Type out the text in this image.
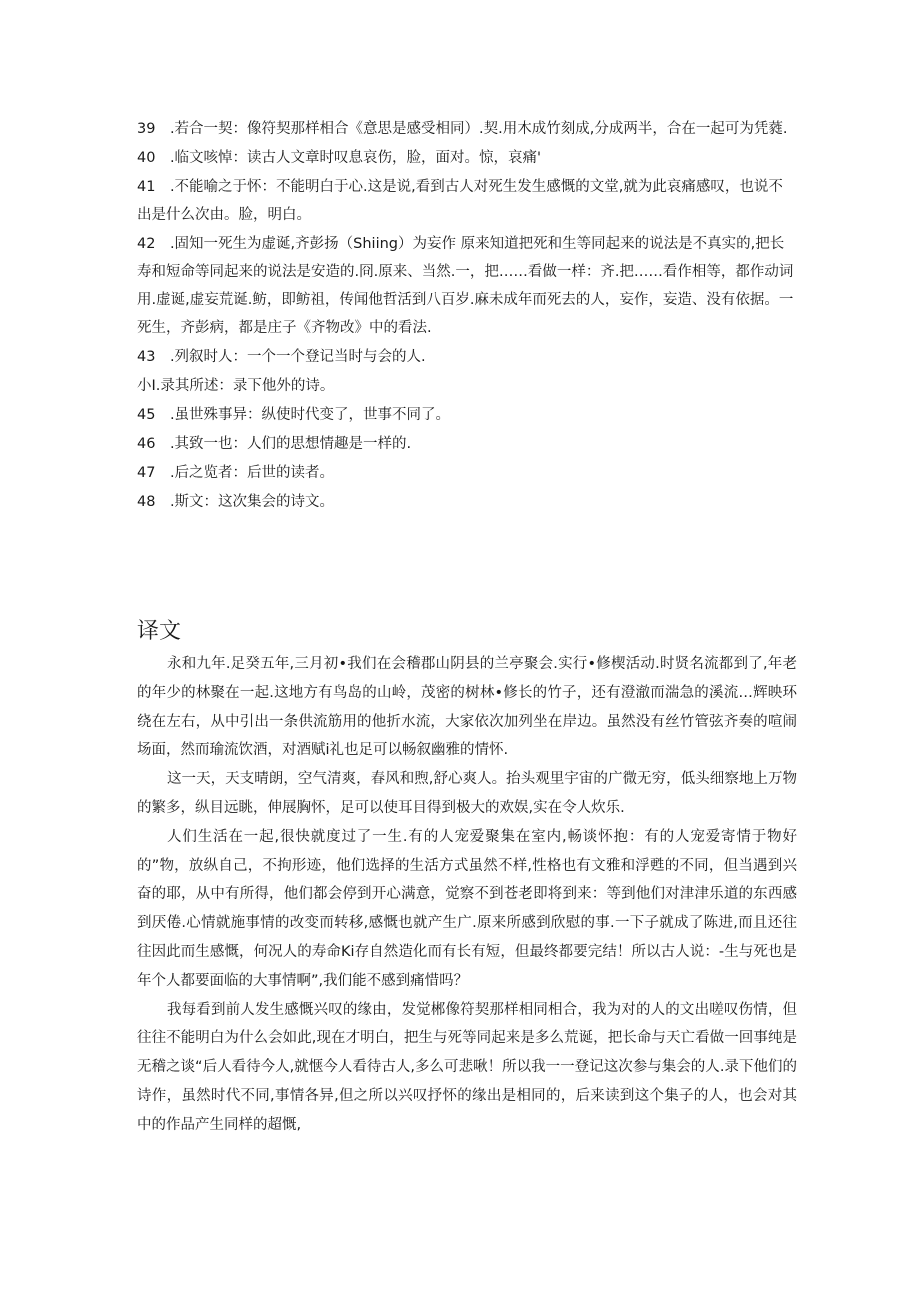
39　.若合一契：像符契那样相合《意思是感受相同）.契.用木成竹刻成,分成两半，合在一起可为凭蕤.

40　.临文咳悼：读古人文章时叹息哀伤，脸，面对。惊，哀痛'

41　.不能喻之于怀：不能明白于心.这是说,看到古人对死生发生感慨的文堂,就为此哀痛感叹，也说不出是什么次由。脸，明白。

42　.固知一死生为虚诞,齐彭扬（Shiing）为妄作 原来知道把死和生等同起来的说法是不真实的,把长寿和短命等同起来的说法是安造的.冏.原来、当然.一，把……看做一样：齐.把……看作相等，都作动词用.虚诞,虚妄荒诞.鲂，即鲂祖，传闻他哲活到八百岁.麻未成年而死去的人，妄作，妄造、没有依据。一死生，齐彭病，都是庄子《齐物改》中的看法.

43　.列叙时人：一个一个登记当时与会的人.

小I.录其所述：录下他外的诗。

45　.虽世殊事异：纵使时代变了，世事不同了。

46　.其致一也：人们的思想情趣是一样的.

47　.后之览者：后世的读者。

48　.斯文：这次集会的诗文。

译文

永和九年.足癸五年,三月初•我们在会稽郡山阴县的兰亭聚会.实行•修楔活动.时贤名流都到了,年老的年少的林聚在一起.这地方有鸟岛的山岭，茂密的树林•修长的竹子，还有澄澈而湍急的溪流…辉映环绕在左右，从中引出一条供流筋用的他折水流，大家依次加列坐在岸边。虽然没有丝竹管弦齐奏的喧闹场面，然而瑜流饮酒，对酒赋i礼也足可以畅叙幽雅的情怀.

这一天，天支晴朗，空气清爽，春风和煦,舒心爽人。抬头观里宇宙的广微无穷，低头细察地上万物的繁多，纵目远眺，伸展胸怀，足可以使耳目得到极大的欢娱,实在令人炊乐.

人们生活在一起,很快就度过了一生.有的人宠爱聚集在室内,畅谈怀抱：有的人宠爱寄情于物好的”物，放纵自己，不拘形迹，他们选择的生活方式虽然不样,性格也有文雅和浮甦的不同，但当遇到兴奋的耶，从中有所得，他们都会停到开心满意，觉察不到苍老即将到来：等到他们对津津乐道的东西感到厌倦.心情就施事情的改变而转移,感慨也就产生广.原来所感到欣慰的事.一下子就成了陈进,而且还往往因此而生感慨，何况人的寿命Ki存自然造化而有长有短，但最终都要完结！所以古人说：-生与死也是年个人都要面临的大事情啊”,我们能不感到痛惜吗？

我每看到前人发生感慨兴叹的缘由，发觉郴像符契那样相同相合，我为对的人的文出嗟叹伤情，但往往不能明白为什么会如此,现在才明白，把生与死等同起来是多么荒诞，把长命与天亡看做一回事纯是无稽之谈“后人看待今人,就惬今人看待古人,多么可悲啾！所以我一一登记这次参与集会的人.录下他们的诗作，虽然时代不同,事情各异,但之所以兴叹抒怀的缘出是相同的，后来读到这个集子的人，也会对其中的作品产生同样的超慨,
